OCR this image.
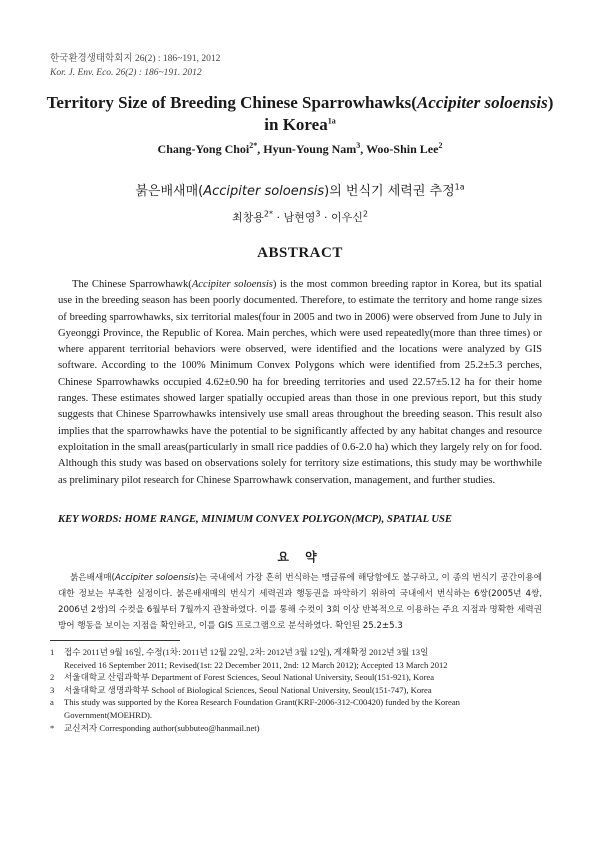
한국환경생태학회지 26(2) : 186~191, 2012
Kor. J. Env. Eco. 26(2) : 186~191. 2012
Territory Size of Breeding Chinese Sparrowhawks(Accipiter soloensis)
in Korea$^{1a}$
Chang-Yong Choi$^{2*}$, Hyun-Young Nam$^3$, Woo-Shin Lee$^2$
붉은배새매(Accipiter soloensis)의 번식기 세력권 추정$^{1a}$
최창용$^{2*}$ · 남현영$^3$ · 이우신$^2$
ABSTRACT

The Chinese Sparrowhawk(Accipiter soloensis) is the most common breeding raptor in Korea, but its spatial use in the breeding season has been poorly documented. Therefore, to estimate the territory and home range sizes of breeding sparrowhawks, six territorial males(four in 2005 and two in 2006) were observed from June to July in Gyeonggi Province, the Republic of Korea. Main perches, which were used repeatedly(more than three times) or where apparent territorial behaviors were observed, were identified and the locations were analyzed by GIS software. According to the 100% Minimum Convex Polygons which were identified from 25.2±5.3 perches, Chinese Sparrowhawks occupied 4.62±0.90 ha for breeding territories and used 22.57±5.12 ha for their home ranges. These estimates showed larger spatially occupied areas than those in one previous report, but this study suggests that Chinese Sparrowhawks intensively use small areas throughout the breeding season. This result also implies that the sparrowhawks have the potential to be significantly affected by any habitat changes and resource exploitation in the small areas(particularly in small rice paddies of 0.6-2.0 ha) which they largely rely on for food. Although this study was based on observations solely for territory size estimations, this study may be worthwhile as preliminary pilot research for Chinese Sparrowhawk conservation, management, and further studies.

KEY WORDS: HOME RANGE, MINIMUM CONVEX POLYGON(MCP), SPATIAL USE
요 약

붉은배새매(Accipiter soloensis)는 국내에서 가장 흔히 번식하는 맹금류에 해당함에도 불구하고, 이 종의 번식기 공간이용에 대한 정보는 부족한 실정이다. 붉은배새매의 번식기 세력권과 행동권을 파악하기 위하여 국내에서 번식하는 6쌍(2005년 4쌍, 2006년 2쌍)의 수컷을 6월부터 7월까지 관찰하였다. 이를 통해 수컷이 3회 이상 반복적으로 이용하는 주요 지점과 명확한 세력권 방어 행동을 보이는 지점을 확인하고, 이를 GIS 프로그램으로 분석하였다. 확인된 25.2±5.3

1 접수 2011년 9월 16일, 수정(1차: 2011년 12월 22일, 2차: 2012년 3월 12일), 게재확정 2012년 3월 13일
Received 16 September 2011; Revised(1st: 22 December 2011, 2nd: 12 March 2012); Accepted 13 March 2012
2 서울대학교 산림과학부 Department of Forest Sciences, Seoul National University, Seoul(151-921), Korea
3 서울대학교 생명과학부 School of Biological Sciences, Seoul National University, Seoul(151-747), Korea
a This study was supported by the Korea Research Foundation Grant(KRF-2006-312-C00420) funded by the Korean Government(MOEHRD).
* 교신저자 Corresponding author(subbuteo@hanmail.net)
